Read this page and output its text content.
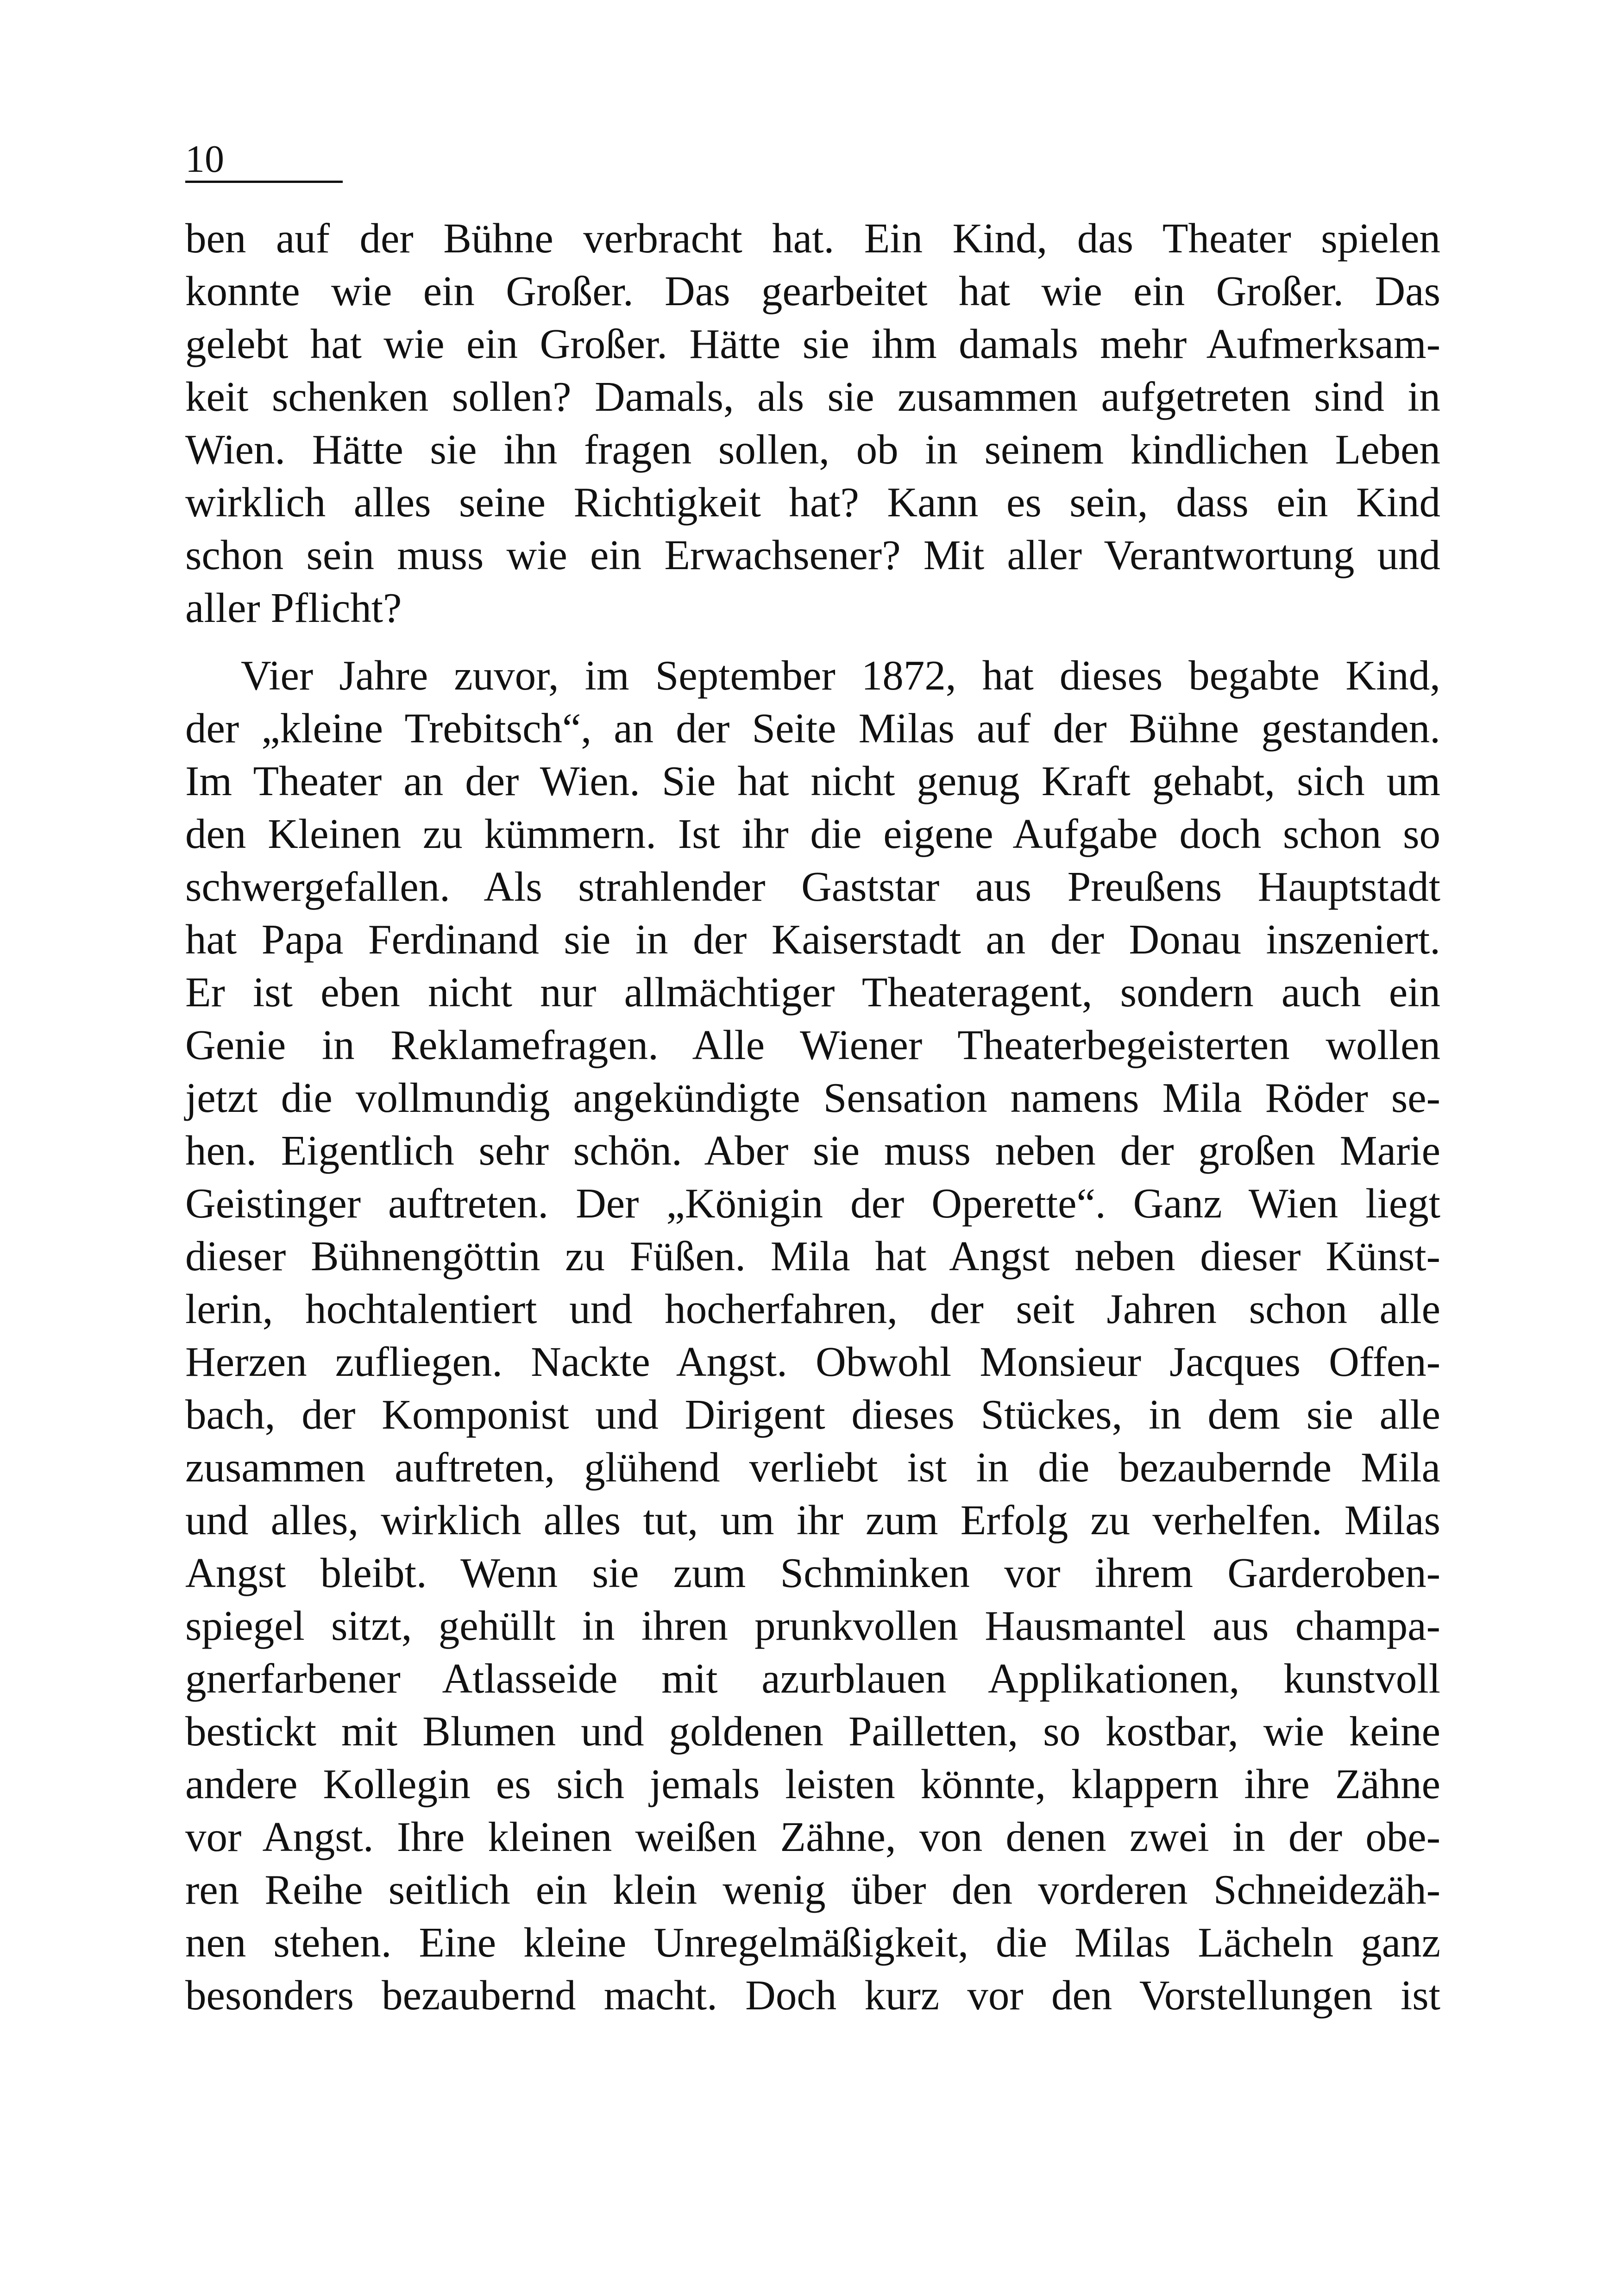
10

ben auf der Bühne verbracht hat. Ein Kind, das Theater spielen
konnte wie ein Großer. Das gearbeitet hat wie ein Großer. Das
gelebt hat wie ein Großer. Hätte sie ihm damals mehr Aufmerksam-
keit schenken sollen? Damals, als sie zusammen aufgetreten sind in
Wien. Hätte sie ihn fragen sollen, ob in seinem kindlichen Leben
wirklich alles seine Richtigkeit hat? Kann es sein, dass ein Kind
schon sein muss wie ein Erwachsener? Mit aller Verantwortung und
aller Pflicht?

Vier Jahre zuvor, im September 1872, hat dieses begabte Kind,
der „kleine Trebitsch“, an der Seite Milas auf der Bühne gestanden.
Im Theater an der Wien. Sie hat nicht genug Kraft gehabt, sich um
den Kleinen zu kümmern. Ist ihr die eigene Aufgabe doch schon so
schwergefallen. Als strahlender Gaststar aus Preußens Hauptstadt
hat Papa Ferdinand sie in der Kaiserstadt an der Donau inszeniert.
Er ist eben nicht nur allmächtiger Theateragent, sondern auch ein
Genie in Reklamefragen. Alle Wiener Theaterbegeisterten wollen
jetzt die vollmundig angekündigte Sensation namens Mila Röder se-
hen. Eigentlich sehr schön. Aber sie muss neben der großen Marie
Geistinger auftreten. Der „Königin der Operette“. Ganz Wien liegt
dieser Bühnengöttin zu Füßen. Mila hat Angst neben dieser Künst-
lerin, hochtalentiert und hocherfahren, der seit Jahren schon alle
Herzen zufliegen. Nackte Angst. Obwohl Monsieur Jacques Offen-
bach, der Komponist und Dirigent dieses Stückes, in dem sie alle
zusammen auftreten, glühend verliebt ist in die bezaubernde Mila
und alles, wirklich alles tut, um ihr zum Erfolg zu verhelfen. Milas
Angst bleibt. Wenn sie zum Schminken vor ihrem Garderoben-
spiegel sitzt, gehüllt in ihren prunkvollen Hausmantel aus champa-
gnerfarbener Atlasseide mit azurblauen Applikationen, kunstvoll
bestickt mit Blumen und goldenen Pailletten, so kostbar, wie keine
andere Kollegin es sich jemals leisten könnte, klappern ihre Zähne
vor Angst. Ihre kleinen weißen Zähne, von denen zwei in der obe-
ren Reihe seitlich ein klein wenig über den vorderen Schneidezäh-
nen stehen. Eine kleine Unregelmäßigkeit, die Milas Lächeln ganz
besonders bezaubernd macht. Doch kurz vor den Vorstellungen ist
